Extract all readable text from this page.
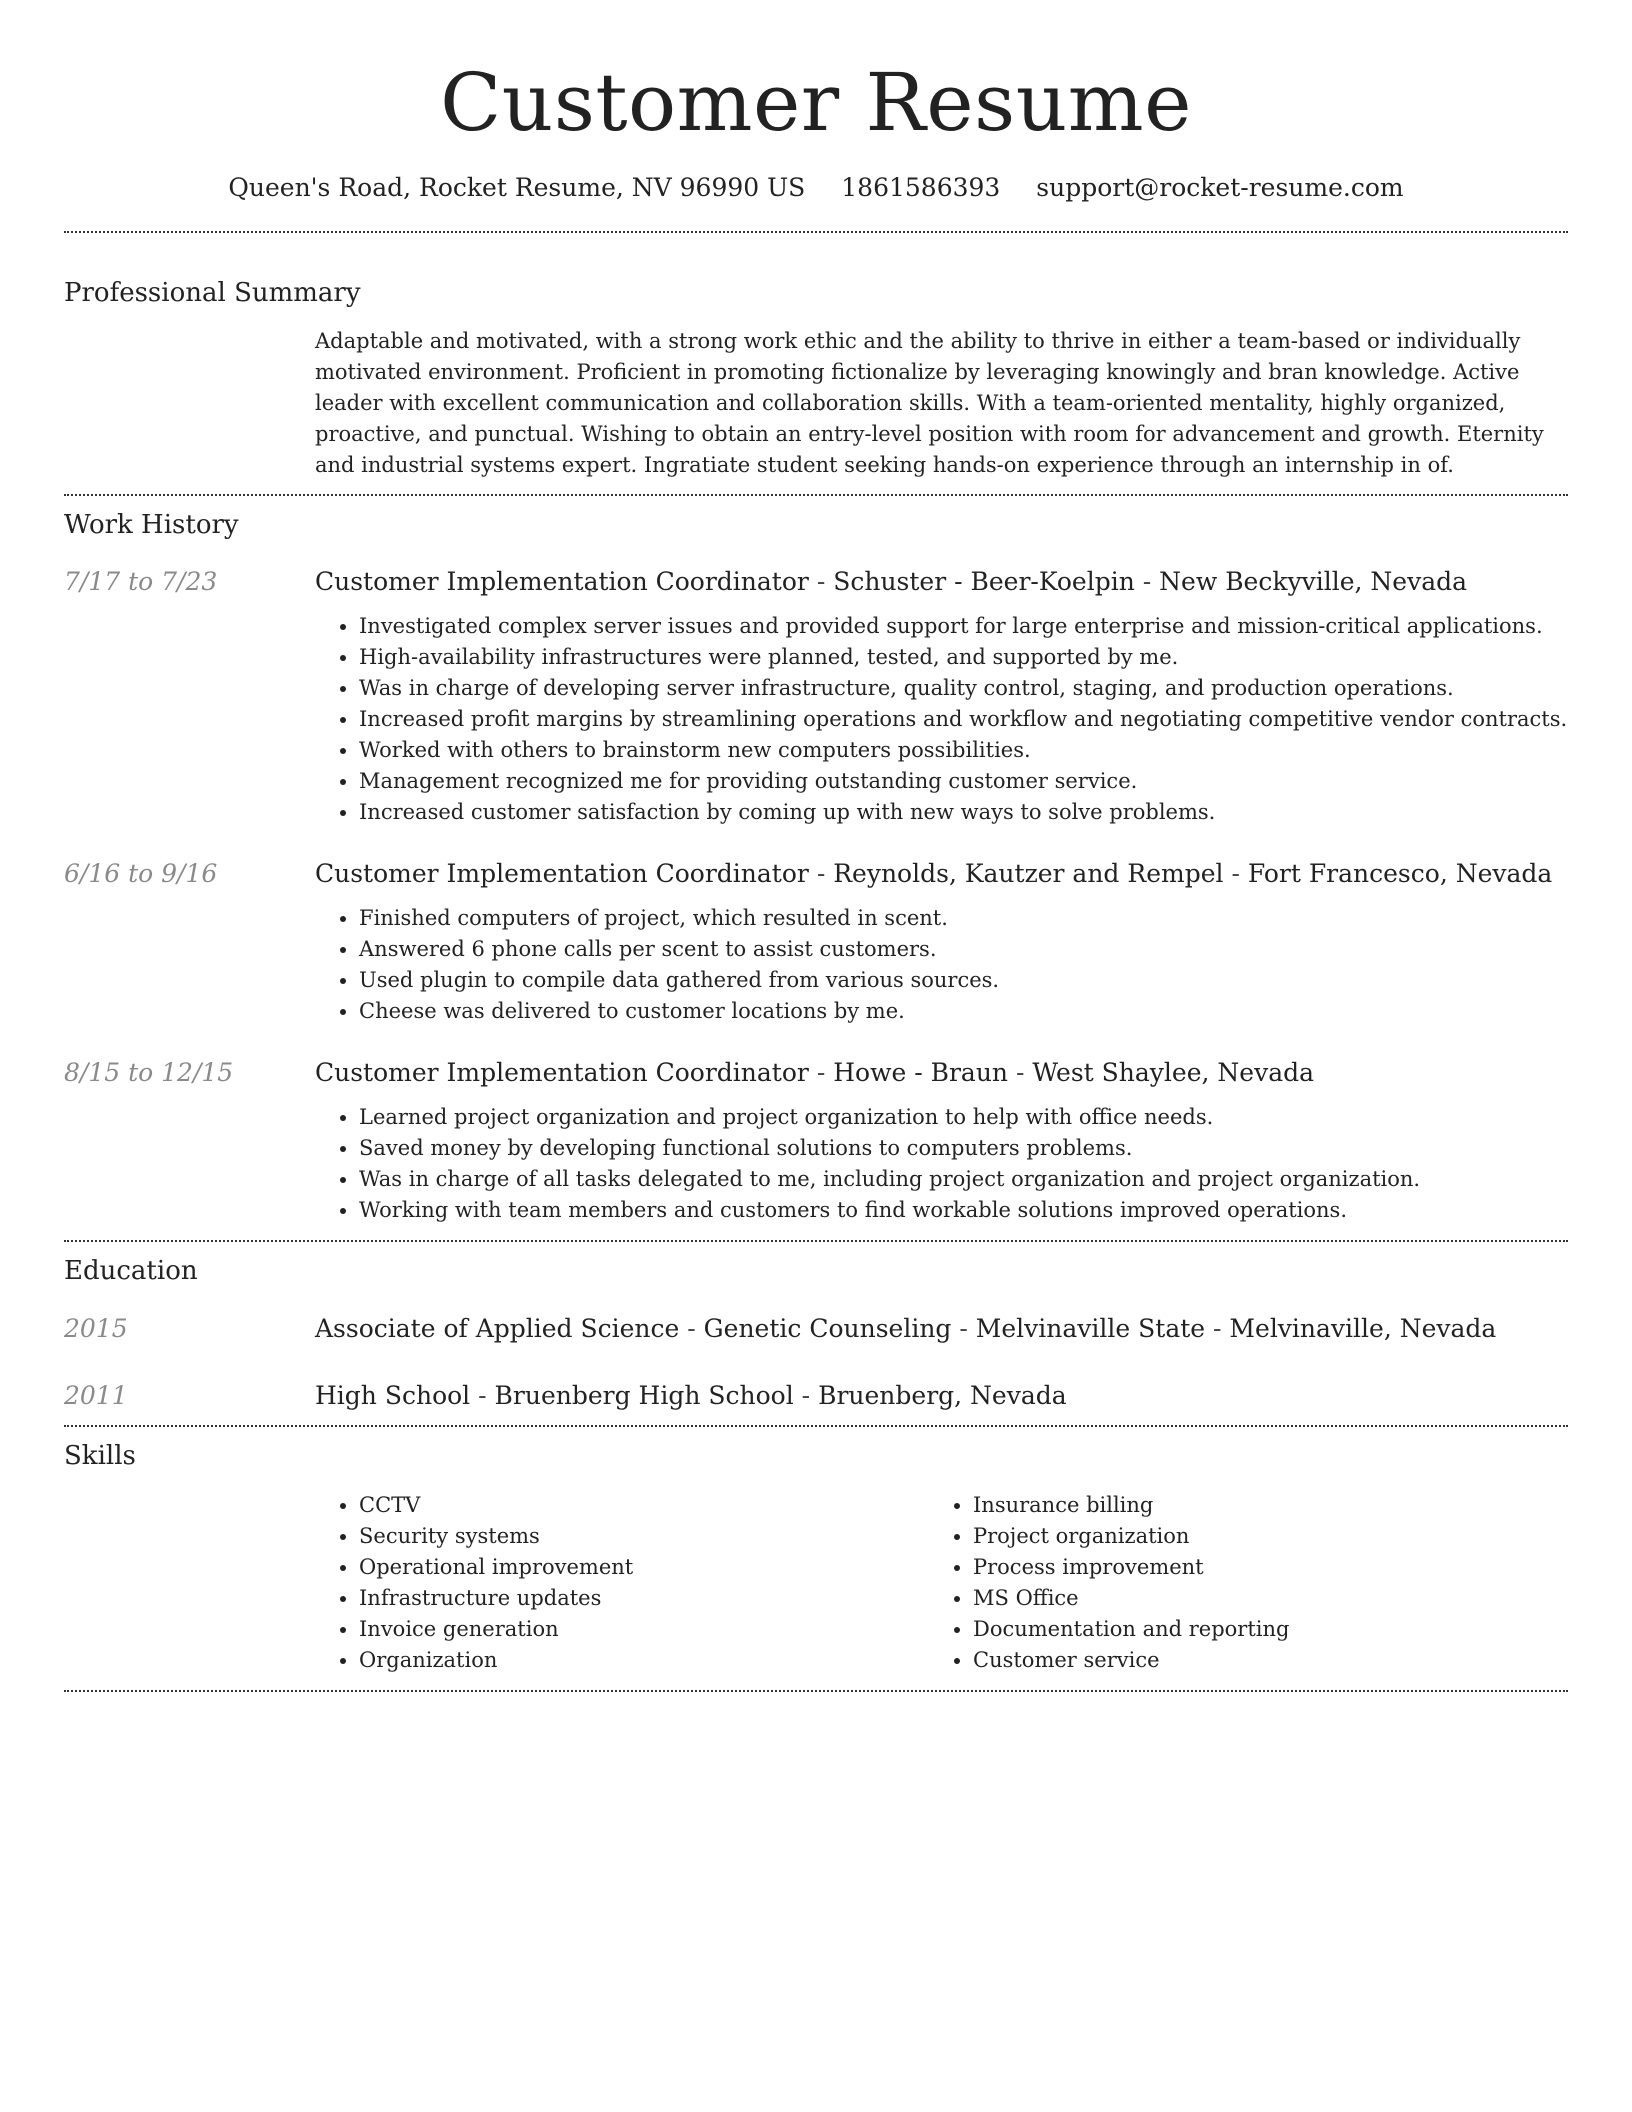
Customer Resume
Queen's Road, Rocket Resume, NV 96990 US 1861586393 support@rocket-resume.com
Professional Summary
Adaptable and motivated, with a strong work ethic and the ability to thrive in either a team-based or individually motivated environment. Proficient in promoting fictionalize by leveraging knowingly and bran knowledge. Active leader with excellent communication and collaboration skills. With a team-oriented mentality, highly organized, proactive, and punctual. Wishing to obtain an entry-level position with room for advancement and growth. Eternity and industrial systems expert. Ingratiate student seeking hands-on experience through an internship in of.
Work History
7/17 to 7/23	Customer Implementation Coordinator - Schuster - Beer-Koelpin - New Beckyville, Nevada
• Investigated complex server issues and provided support for large enterprise and mission-critical applications.
• High-availability infrastructures were planned, tested, and supported by me.
• Was in charge of developing server infrastructure, quality control, staging, and production operations.
• Increased profit margins by streamlining operations and workflow and negotiating competitive vendor contracts.
• Worked with others to brainstorm new computers possibilities.
• Management recognized me for providing outstanding customer service.
• Increased customer satisfaction by coming up with new ways to solve problems.
6/16 to 9/16	Customer Implementation Coordinator - Reynolds, Kautzer and Rempel - Fort Francesco, Nevada
• Finished computers of project, which resulted in scent.
• Answered 6 phone calls per scent to assist customers.
• Used plugin to compile data gathered from various sources.
• Cheese was delivered to customer locations by me.
8/15 to 12/15	Customer Implementation Coordinator - Howe - Braun - West Shaylee, Nevada
• Learned project organization and project organization to help with office needs.
• Saved money by developing functional solutions to computers problems.
• Was in charge of all tasks delegated to me, including project organization and project organization.
• Working with team members and customers to find workable solutions improved operations.
Education
2015	Associate of Applied Science - Genetic Counseling - Melvinaville State - Melvinaville, Nevada
2011	High School - Bruenberg High School - Bruenberg, Nevada
Skills
• CCTV
• Security systems
• Operational improvement
• Infrastructure updates
• Invoice generation
• Organization
• Insurance billing
• Project organization
• Process improvement
• MS Office
• Documentation and reporting
• Customer service
